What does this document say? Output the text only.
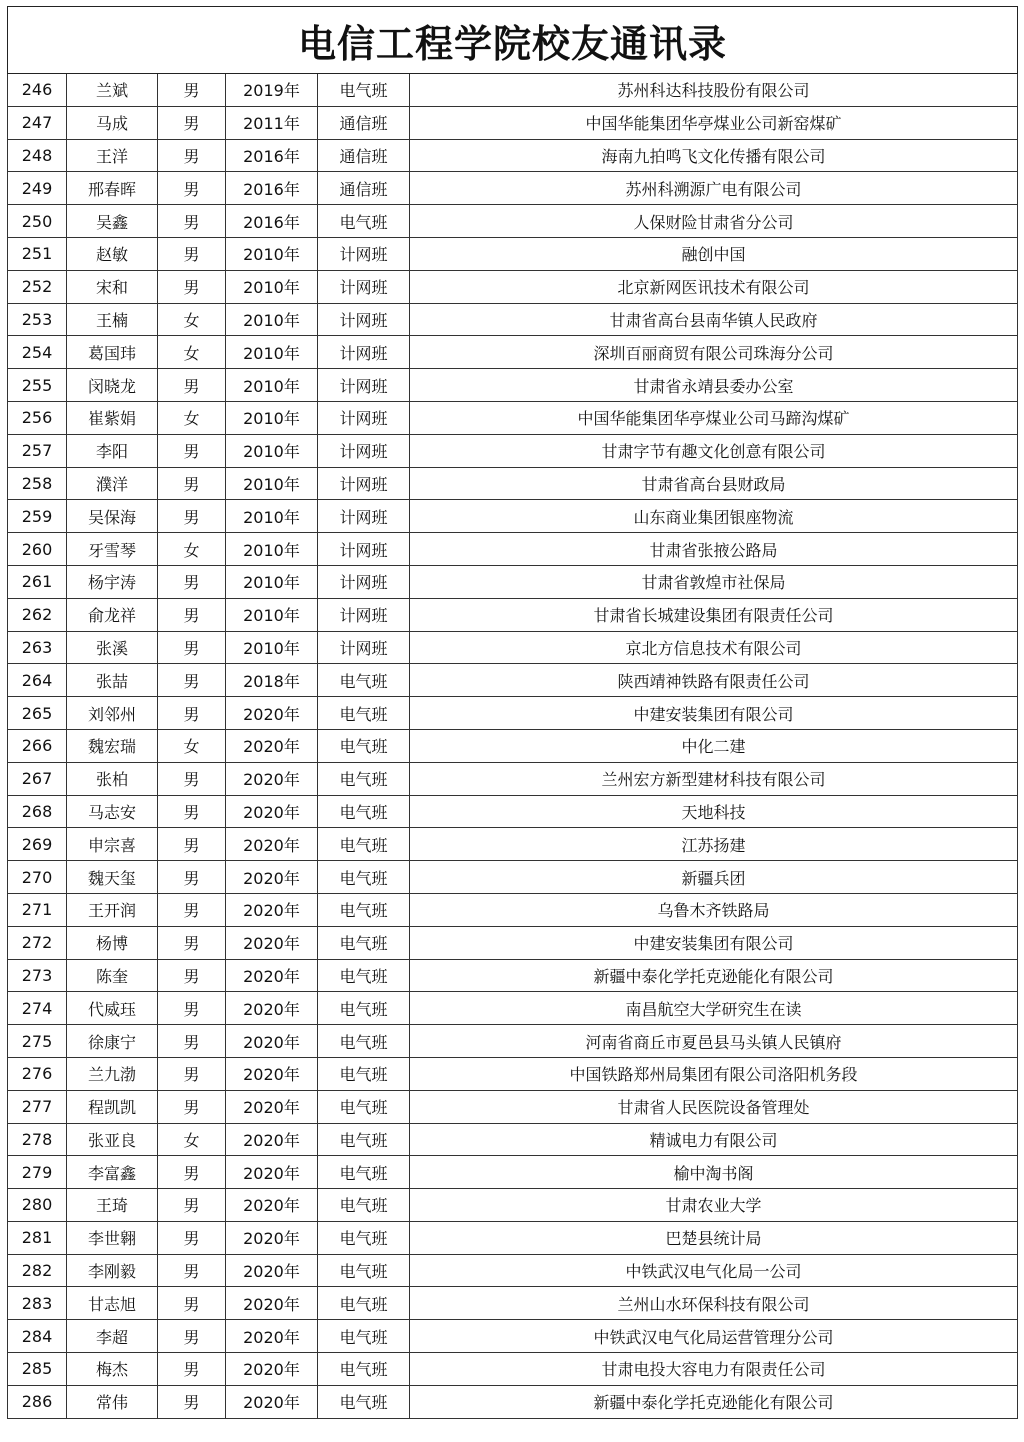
电信工程学院校友通讯录					
246	兰斌	男	2019年	电气班	苏州科达科技股份有限公司
247	马成	男	2011年	通信班	中国华能集团华亭煤业公司新窑煤矿
248	王洋	男	2016年	通信班	海南九拍鸣飞文化传播有限公司
249	邢春晖	男	2016年	通信班	苏州科溯源广电有限公司
250	吴鑫	男	2016年	电气班	人保财险甘肃省分公司
251	赵敏	男	2010年	计网班	融创中国
252	宋和	男	2010年	计网班	北京新网医讯技术有限公司
253	王楠	女	2010年	计网班	甘肃省高台县南华镇人民政府
254	葛国玮	女	2010年	计网班	深圳百丽商贸有限公司珠海分公司
255	闵晓龙	男	2010年	计网班	甘肃省永靖县委办公室
256	崔紫娟	女	2010年	计网班	中国华能集团华亭煤业公司马蹄沟煤矿
257	李阳	男	2010年	计网班	甘肃字节有趣文化创意有限公司
258	濮洋	男	2010年	计网班	甘肃省高台县财政局
259	吴保海	男	2010年	计网班	山东商业集团银座物流
260	牙雪琴	女	2010年	计网班	甘肃省张掖公路局
261	杨宇涛	男	2010年	计网班	甘肃省敦煌市社保局
262	俞龙祥	男	2010年	计网班	甘肃省长城建设集团有限责任公司
263	张溪	男	2010年	计网班	京北方信息技术有限公司
264	张喆	男	2018年	电气班	陕西靖神铁路有限责任公司
265	刘邻州	男	2020年	电气班	中建安装集团有限公司
266	魏宏瑞	女	2020年	电气班	中化二建
267	张柏	男	2020年	电气班	兰州宏方新型建材科技有限公司
268	马志安	男	2020年	电气班	天地科技
269	申宗喜	男	2020年	电气班	江苏扬建
270	魏天玺	男	2020年	电气班	新疆兵团
271	王开润	男	2020年	电气班	乌鲁木齐铁路局
272	杨博	男	2020年	电气班	中建安装集团有限公司
273	陈奎	男	2020年	电气班	新疆中泰化学托克逊能化有限公司
274	代威珏	男	2020年	电气班	南昌航空大学研究生在读
275	徐康宁	男	2020年	电气班	河南省商丘市夏邑县马头镇人民镇府
276	兰九渤	男	2020年	电气班	中国铁路郑州局集团有限公司洛阳机务段
277	程凯凯	男	2020年	电气班	甘肃省人民医院设备管理处
278	张亚良	女	2020年	电气班	精诚电力有限公司
279	李富鑫	男	2020年	电气班	榆中淘书阁
280	王琦	男	2020年	电气班	甘肃农业大学
281	李世翱	男	2020年	电气班	巴楚县统计局
282	李刚毅	男	2020年	电气班	中铁武汉电气化局一公司
283	甘志旭	男	2020年	电气班	兰州山水环保科技有限公司
284	李超	男	2020年	电气班	中铁武汉电气化局运营管理分公司
285	梅杰	男	2020年	电气班	甘肃电投大容电力有限责任公司
286	常伟	男	2020年	电气班	新疆中泰化学托克逊能化有限公司
